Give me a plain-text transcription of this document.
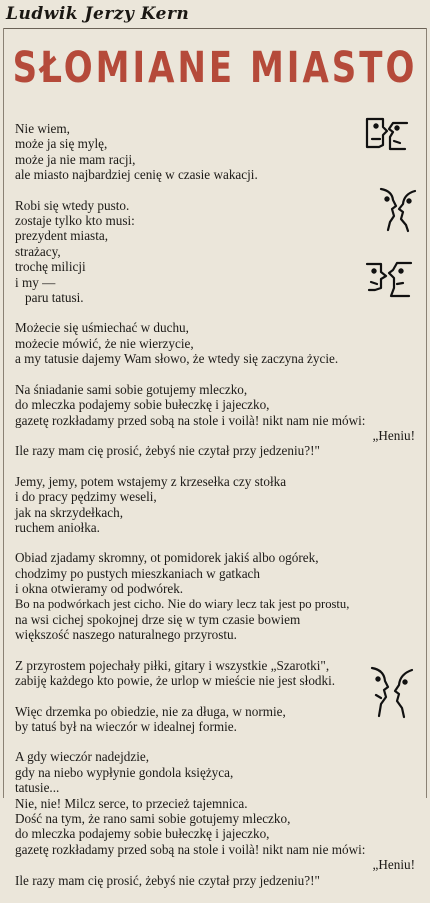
Ludwik Jerzy Kern
SŁOMIANE MIASTO
Nie wiem,
może ja się mylę,
może ja nie mam racji,
ale miasto najbardziej cenię w czasie wakacji.
Robi się wtedy pusto.
zostaje tylko kto musi:
prezydent miasta,
strażacy,
trochę milicji
i my —
paru tatusi.
Możecie się uśmiechać w duchu,
możecie mówić, że nie wierzycie,
a my tatusie dajemy Wam słowo, że wtedy się zaczyna życie.
Na śniadanie sami sobie gotujemy mleczko,
do mleczka podajemy sobie bułeczkę i jajeczko,
gazetę rozkładamy przed sobą na stole i voilà! nikt nam nie mówi:
„Heniu!
Ile razy mam cię prosić, żebyś nie czytał przy jedzeniu?!"
Jemy, jemy, potem wstajemy z krzesełka czy stołka
i do pracy pędzimy weseli,
jak na skrzydełkach,
ruchem aniołka.
Obiad zjadamy skromny, ot pomidorek jakiś albo ogórek,
chodzimy po pustych mieszkaniach w gatkach
i okna otwieramy od podwórek.
Bo na podwórkach jest cicho. Nie do wiary lecz tak jest po prostu,
na wsi cichej spokojnej drze się w tym czasie bowiem
większość naszego naturalnego przyrostu.
Z przyrostem pojechały piłki, gitary i wszystkie „Szarotki",
zabiję każdego kto powie, że urlop w mieście nie jest słodki.
Więc drzemka po obiedzie, nie za długa, w normie,
by tatuś był na wieczór w idealnej formie.
A gdy wieczór nadejdzie,
gdy na niebo wypłynie gondola księżyca,
tatusie...
Nie, nie! Milcz serce, to przecież tajemnica.
Dość na tym, że rano sami sobie gotujemy mleczko,
do mleczka podajemy sobie bułeczkę i jajeczko,
gazetę rozkładamy przed sobą na stole i voilà! nikt nam nie mówi:
„Heniu!
Ile razy mam cię prosić, żebyś nie czytał przy jedzeniu?!"
